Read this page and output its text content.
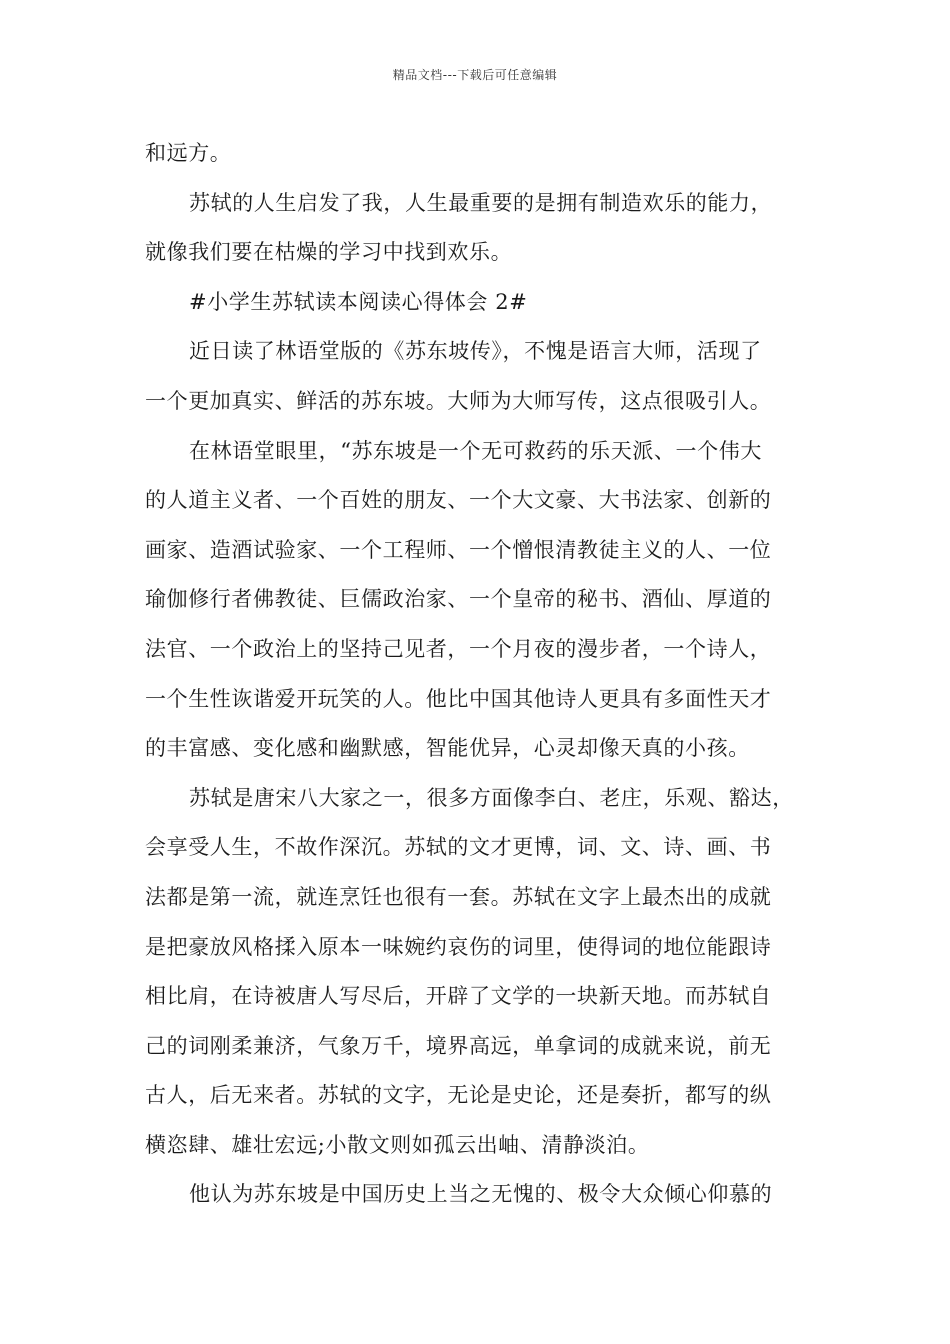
精品文档---下载后可任意编辑
和远方。
苏轼的人生启发了我，人生最重要的是拥有制造欢乐的能力，
就像我们要在枯燥的学习中找到欢乐。
#小学生苏轼读本阅读心得体会 2#
近日读了林语堂版的《苏东坡传》，不愧是语言大师，活现了
一个更加真实、鲜活的苏东坡。大师为大师写传，这点很吸引人。
在林语堂眼里，“苏东坡是一个无可救药的乐天派、一个伟大
的人道主义者、一个百姓的朋友、一个大文豪、大书法家、创新的
画家、造酒试验家、一个工程师、一个憎恨清教徒主义的人、一位
瑜伽修行者佛教徒、巨儒政治家、一个皇帝的秘书、酒仙、厚道的
法官、一个政治上的坚持己见者，一个月夜的漫步者，一个诗人，
一个生性诙谐爱开玩笑的人。他比中国其他诗人更具有多面性天才
的丰富感、变化感和幽默感，智能优异，心灵却像天真的小孩。
苏轼是唐宋八大家之一，很多方面像李白、老庄，乐观、豁达，
会享受人生，不故作深沉。苏轼的文才更博，词、文、诗、画、书
法都是第一流，就连烹饪也很有一套。苏轼在文字上最杰出的成就
是把豪放风格揉入原本一味婉约哀伤的词里，使得词的地位能跟诗
相比肩，在诗被唐人写尽后，开辟了文学的一块新天地。而苏轼自
己的词刚柔兼济，气象万千，境界高远，单拿词的成就来说，前无
古人，后无来者。苏轼的文字，无论是史论，还是奏折，都写的纵
横恣肆、雄壮宏远;小散文则如孤云出岫、清静淡泊。
他认为苏东坡是中国历史上当之无愧的、极令大众倾心仰慕的
